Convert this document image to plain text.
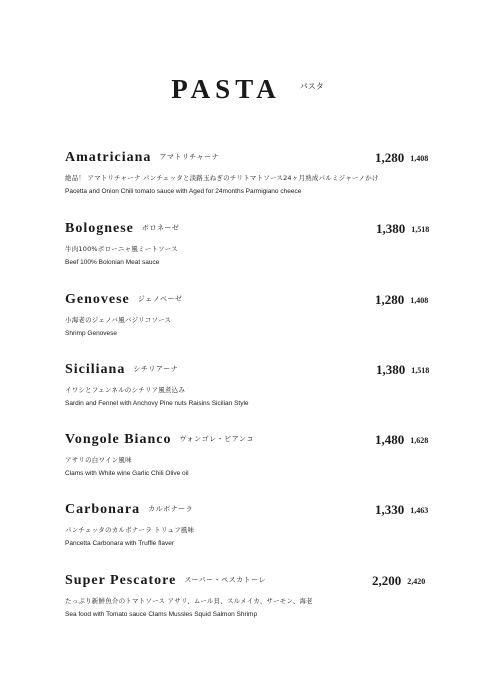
PASTA パスタ
Amatriciana アマトリチャーナ	1,280 1,408
絶品！ アマトリチャーナ パンチェッタと淡路玉ねぎのチリトマトソース24ヶ月熟成パルミジャーノかけ
Pacetta and Onion Chili tomato sauce with Aged for 24months Parmigiano cheece
Bolognese ボロネーゼ	1,380 1,518
牛肉100%ボローニャ風ミートソース
Beef 100% Bolonian Meat sauce
Genovese ジェノベーゼ	1,280 1,408
小海老のジェノバ風バジリコソース
Shrimp Genovese
Siciliana シチリアーナ	1,380 1,518
イワシとフェンネルのシチリア風煮込み
Sardin and Fennel with Anchovy Pine nuts Raisins Sicilian Style
Vongole Bianco ヴォンゴレ・ビアンコ	1,480 1,628
アサリの白ワイン風味
Clams with White wine Garlic Chili Olive oil
Carbonara カルボナーラ	1,330 1,463
パンチェッタのカルボナーラ トリュフ風味
Pancetta Carbonara with Truffle flaver
Super Pescatore スーパー・ペスカトーレ	2,200 2,420
たっぷり新鮮魚介のトマトソース アサリ、ムール貝、スルメイカ、サーモン、海老
Sea food with Tomato sauce Clams Mussles Squid Salmon Shrimp
